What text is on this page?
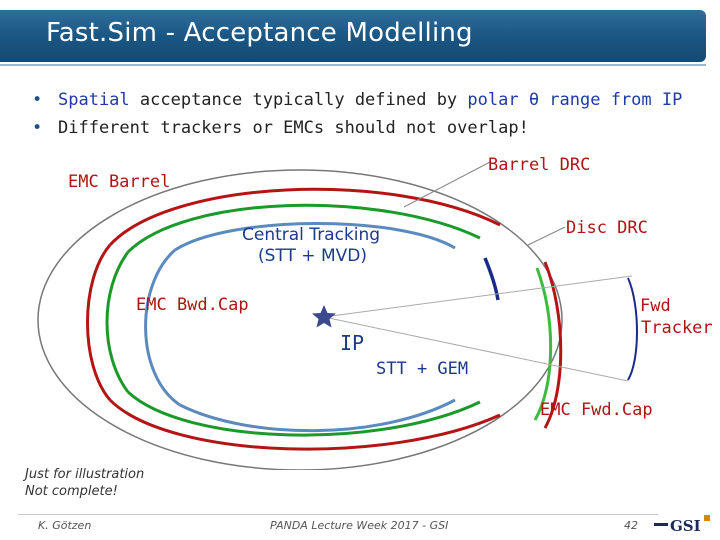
Fast.Sim - Acceptance Modelling
• Spatial acceptance typically defined by polar θ range from IP
• Different trackers or EMCs should not overlap!
EMC Barrel
Barrel DRC
Central Tracking
(STT + MVD)
Disc DRC
EMC Bwd.Cap	Fwd
Tracker
IP
STT + GEM
EMC Fwd.Cap
Just for illustration
Not complete!
K. Götzen	PANDA Lecture Week 2017 - GSI	42 GSI
